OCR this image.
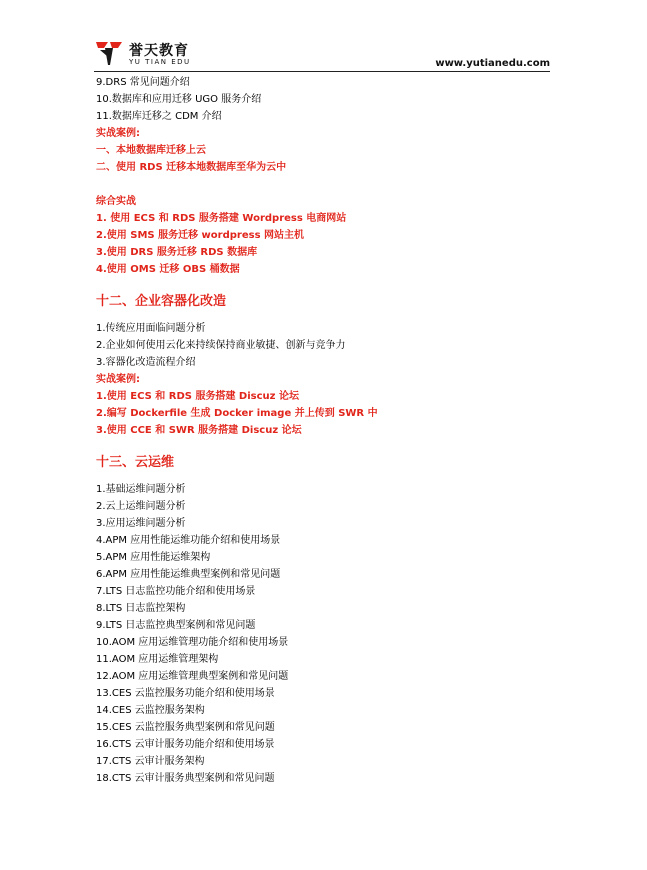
誉天教育
YU TIAN EDU	www.yutianedu.com
9.DRS 常见问题介绍
10.数据库和应用迁移 UGO 服务介绍
11.数据库迁移之 CDM 介绍
实战案例:
一、本地数据库迁移上云
二、使用 RDS 迁移本地数据库至华为云中
综合实战
1. 使用 ECS 和 RDS 服务搭建 Wordpress 电商网站
2.使用 SMS 服务迁移 wordpress 网站主机
3.使用 DRS 服务迁移 RDS 数据库
4.使用 OMS 迁移 OBS 桶数据
十二、企业容器化改造
1.传统应用面临问题分析
2.企业如何使用云化来持续保持商业敏捷、创新与竞争力
3.容器化改造流程介绍
实战案例:
1.使用 ECS 和 RDS 服务搭建 Discuz 论坛
2.编写 Dockerfile 生成 Docker image 并上传到 SWR 中
3.使用 CCE 和 SWR 服务搭建 Discuz 论坛
十三、云运维
1.基础运维问题分析
2.云上运维问题分析
3.应用运维问题分析
4.APM 应用性能运维功能介绍和使用场景
5.APM 应用性能运维架构
6.APM 应用性能运维典型案例和常见问题
7.LTS 日志监控功能介绍和使用场景
8.LTS 日志监控架构
9.LTS 日志监控典型案例和常见问题
10.AOM 应用运维管理功能介绍和使用场景
11.AOM 应用运维管理架构
12.AOM 应用运维管理典型案例和常见问题
13.CES 云监控服务功能介绍和使用场景
14.CES 云监控服务架构
15.CES 云监控服务典型案例和常见问题
16.CTS 云审计服务功能介绍和使用场景
17.CTS 云审计服务架构
18.CTS 云审计服务典型案例和常见问题
